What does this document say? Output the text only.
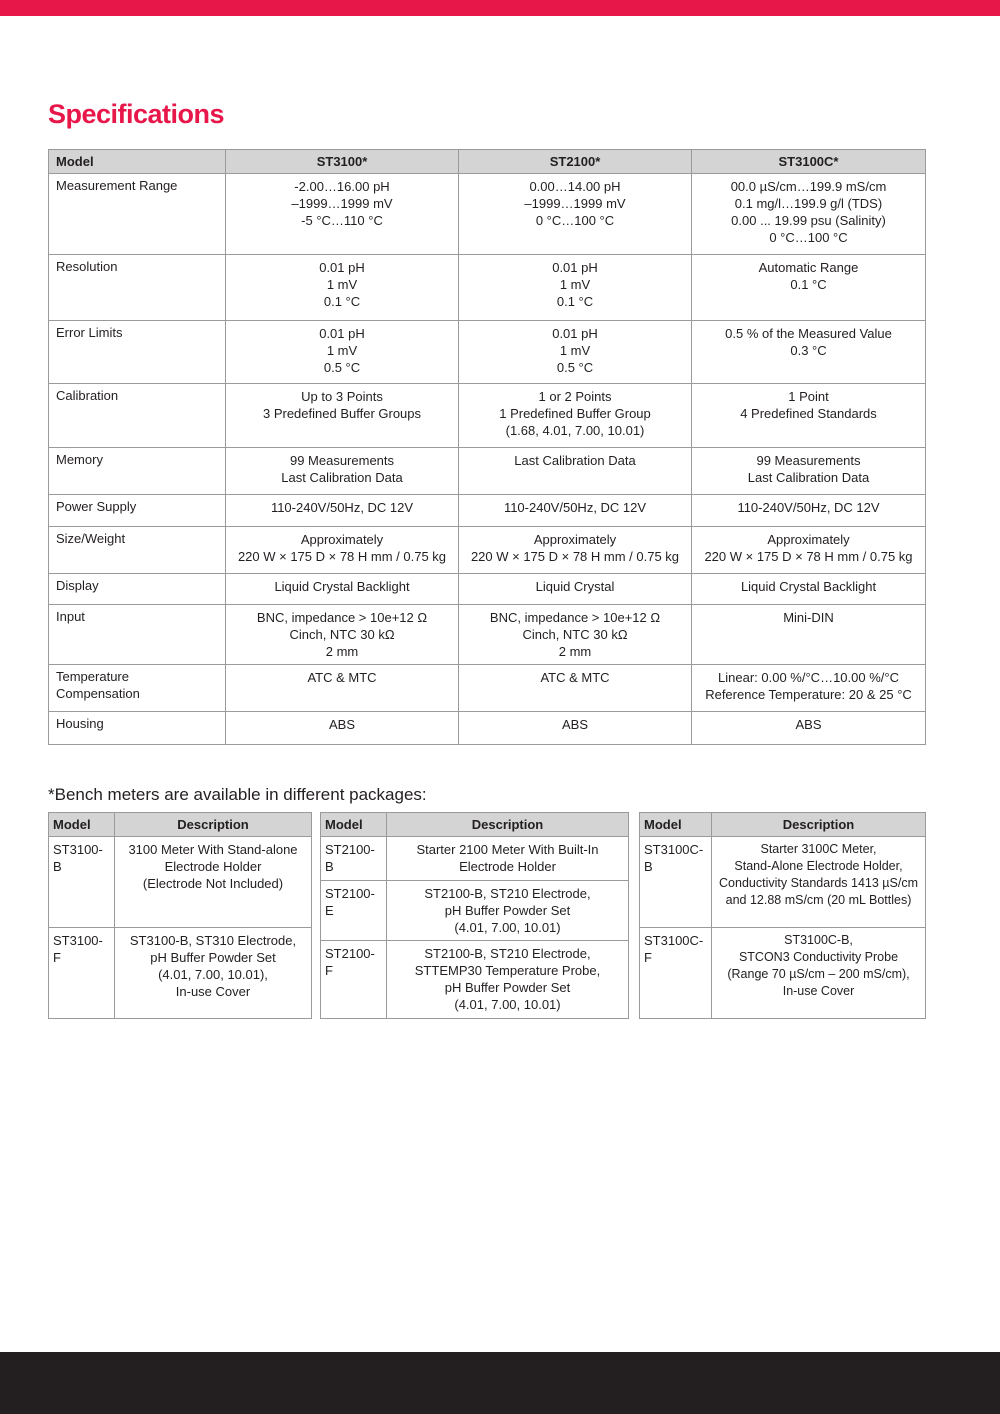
Specifications
Model	ST3100*	ST2100*	ST3100C*

Measurement Range	-2.00…16.00 pH
–1999…1999 mV
-5 °C…110 °C	0.00…14.00 pH
–1999…1999 mV
0 °C…100 °C	00.0 µS/cm…199.9 mS/cm
0.1 mg/l…199.9 g/l (TDS)
0.00 ... 19.99 psu (Salinity)
0 °C…100 °C

Resolution	0.01 pH
1 mV
0.1 °C	0.01 pH
1 mV
0.1 °C	Automatic Range
0.1 °C

Error Limits	0.01 pH
1 mV
0.5 °C	0.01 pH
1 mV
0.5 °C	0.5 % of the Measured Value
0.3 °C

Calibration	Up to 3 Points
3 Predefined Buffer Groups	1 or 2 Points
1 Predefined Buffer Group
(1.68, 4.01, 7.00, 10.01)	1 Point
4 Predefined Standards

Memory	99 Measurements
Last Calibration Data	Last Calibration Data	99 Measurements
Last Calibration Data

Power Supply	110-240V/50Hz, DC 12V	110-240V/50Hz, DC 12V	110-240V/50Hz, DC 12V

Size/Weight	Approximately
220 W × 175 D × 78 H mm / 0.75 kg	Approximately
220 W × 175 D × 78 H mm / 0.75 kg	Approximately
220 W × 175 D × 78 H mm / 0.75 kg

Display	Liquid Crystal Backlight	Liquid Crystal	Liquid Crystal Backlight

Input	BNC, impedance > 10e+12 Ω
Cinch, NTC 30 kΩ
2 mm	BNC, impedance > 10e+12 Ω
Cinch, NTC 30 kΩ
2 mm	Mini-DIN

Temperature
Compensation	ATC & MTC	ATC & MTC	Linear: 0.00 %/°C…10.00 %/°C
Reference Temperature: 20 & 25 °C

Housing	ABS	ABS	ABS

*Bench meters are available in different packages:

Model	Description
ST3100-B	3100 Meter With Stand-alone
Electrode Holder
(Electrode Not Included)

ST3100-F	ST3100-B, ST310 Electrode,
pH Buffer Powder Set
(4.01, 7.00, 10.01),
In-use Cover
Model	Description
ST2100-B	Starter 2100 Meter With Built-In
Electrode Holder

ST2100-E	ST2100-B, ST210 Electrode,
pH Buffer Powder Set
(4.01, 7.00, 10.01)

ST2100-F	ST2100-B, ST210 Electrode,
STTEMP30 Temperature Probe,
pH Buffer Powder Set
(4.01, 7.00, 10.01)
Model	Description
ST3100C-B	Starter 3100C Meter,
Stand-Alone Electrode Holder,
Conductivity Standards 1413 µS/cm
and 12.88 mS/cm (20 mL Bottles)

ST3100C-F	ST3100C-B,
STCON3 Conductivity Probe
(Range 70 µS/cm – 200 mS/cm),
In-use Cover
